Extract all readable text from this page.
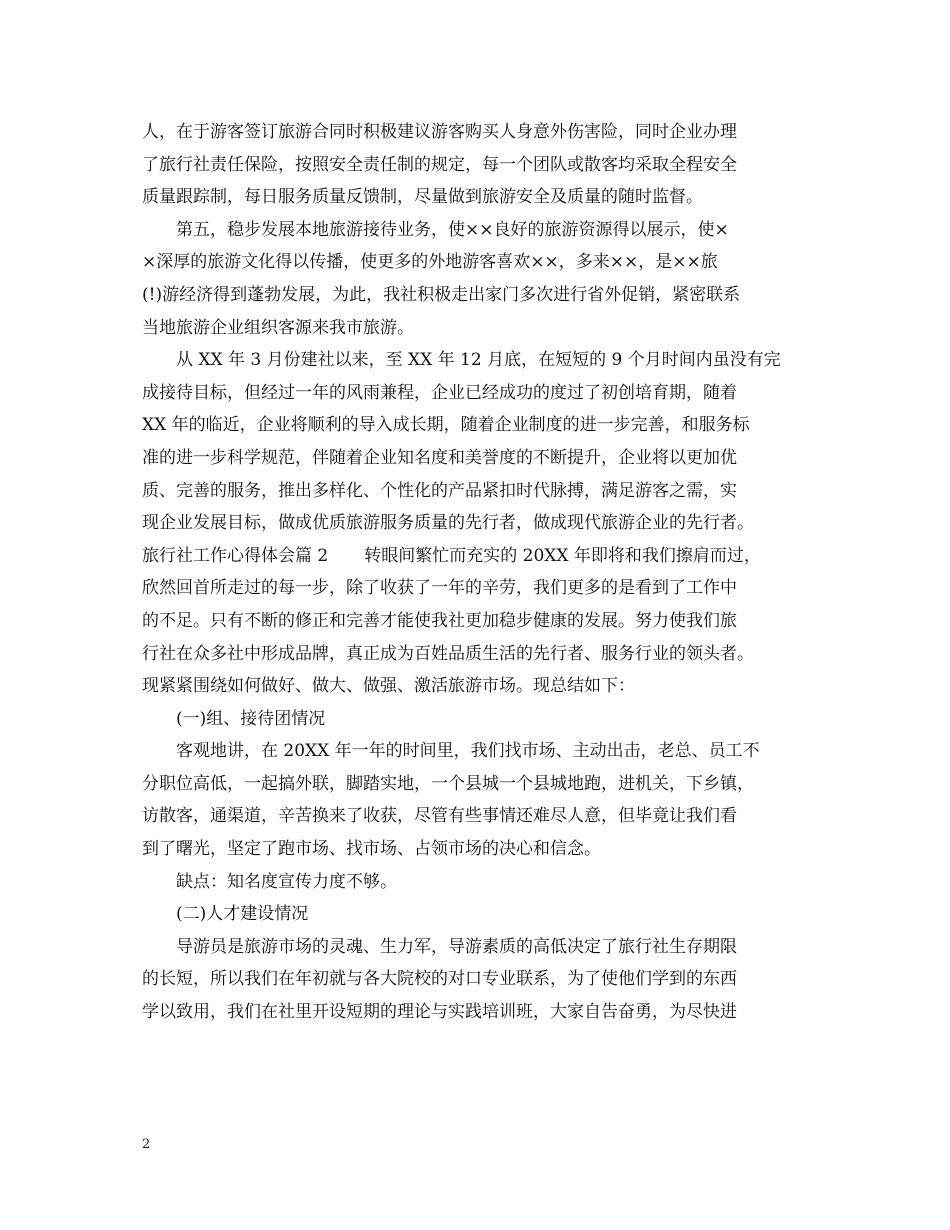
人，在于游客签订旅游合同时积极建议游客购买人身意外伤害险，同时企业办理
了旅行社责任保险，按照安全责任制的规定，每一个团队或散客均采取全程安全
质量跟踪制，每日服务质量反馈制，尽量做到旅游安全及质量的随时监督。
第五，稳步发展本地旅游接待业务，使××良好的旅游资源得以展示，使×
×深厚的旅游文化得以传播，使更多的外地游客喜欢××，多来××，是××旅
(!)游经济得到蓬勃发展，为此，我社积极走出家门多次进行省外促销，紧密联系
当地旅游企业组织客源来我市旅游。
从 XX 年 3 月份建社以来，至 XX 年 12 月底，在短短的 9 个月时间内虽没有完
成接待目标，但经过一年的风雨兼程，企业已经成功的度过了初创培育期，随着
XX 年的临近，企业将顺利的导入成长期，随着企业制度的进一步完善，和服务标
准的进一步科学规范，伴随着企业知名度和美誉度的不断提升，企业将以更加优
质、完善的服务，推出多样化、个性化的产品紧扣时代脉搏，满足游客之需，实
现企业发展目标，做成优质旅游服务质量的先行者，做成现代旅游企业的先行者。
旅行社工作心得体会篇 2 转眼间繁忙而充实的 20XX 年即将和我们擦肩而过，
欣然回首所走过的每一步，除了收获了一年的辛劳，我们更多的是看到了工作中
的不足。只有不断的修正和完善才能使我社更加稳步健康的发展。努力使我们旅
行社在众多社中形成品牌，真正成为百姓品质生活的先行者、服务行业的领头者。
现紧紧围绕如何做好、做大、做强、激活旅游市场。现总结如下：
(一)组、接待团情况
客观地讲，在 20XX 年一年的时间里，我们找市场、主动出击，老总、员工不
分职位高低，一起搞外联，脚踏实地，一个县城一个县城地跑，进机关，下乡镇，
访散客，通渠道，辛苦换来了收获，尽管有些事情还难尽人意，但毕竟让我们看
到了曙光，坚定了跑市场、找市场、占领市场的决心和信念。
缺点：知名度宣传力度不够。
(二)人才建设情况
导游员是旅游市场的灵魂、生力军，导游素质的高低决定了旅行社生存期限
的长短，所以我们在年初就与各大院校的对口专业联系，为了使他们学到的东西
学以致用，我们在社里开设短期的理论与实践培训班，大家自告奋勇，为尽快进
2
